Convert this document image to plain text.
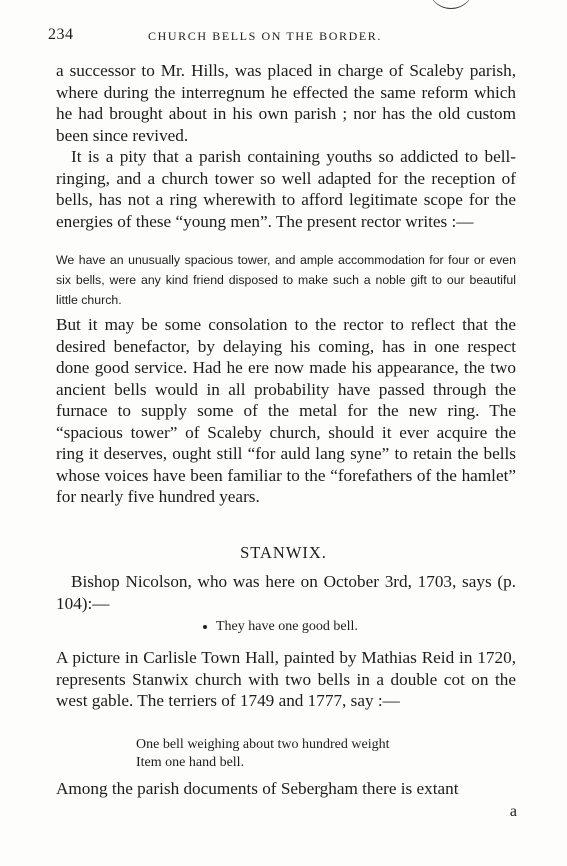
234	CHURCH BELLS ON THE BORDER.

a successor to Mr. Hills, was placed in charge of Scaleby parish, where during the interregnum he effected the same reform which he had brought about in his own parish ; nor has the old custom been since revived.

It is a pity that a parish containing youths so addicted to bell-ringing, and a church tower so well adapted for the reception of bells, has not a ring wherewith to afford legitimate scope for the energies of these “young men”. The present rector writes :—

We have an unusually spacious tower, and ample accommodation for four or even six bells, were any kind friend disposed to make such a noble gift to our beautiful little church.

But it may be some consolation to the rector to reflect that the desired benefactor, by delaying his coming, has in one respect done good service. Had he ere now made his appearance, the two ancient bells would in all probability have passed through the furnace to supply some of the metal for the new ring. The “spacious tower” of Scaleby church, should it ever acquire the ring it deserves, ought still “for auld lang syne” to retain the bells whose voices have been familiar to the “forefathers of the hamlet” for nearly five hundred years.

STANWIX.

Bishop Nicolson, who was here on October 3rd, 1703, says (p. 104):—

They have one good bell.

A picture in Carlisle Town Hall, painted by Mathias Reid in 1720, represents Stanwix church with two bells in a double cot on the west gable. The terriers of 1749 and 1777, say :—

One bell weighing about two hundred weight
Item one hand bell.

Among the parish documents of Sebergham there is extant

a
